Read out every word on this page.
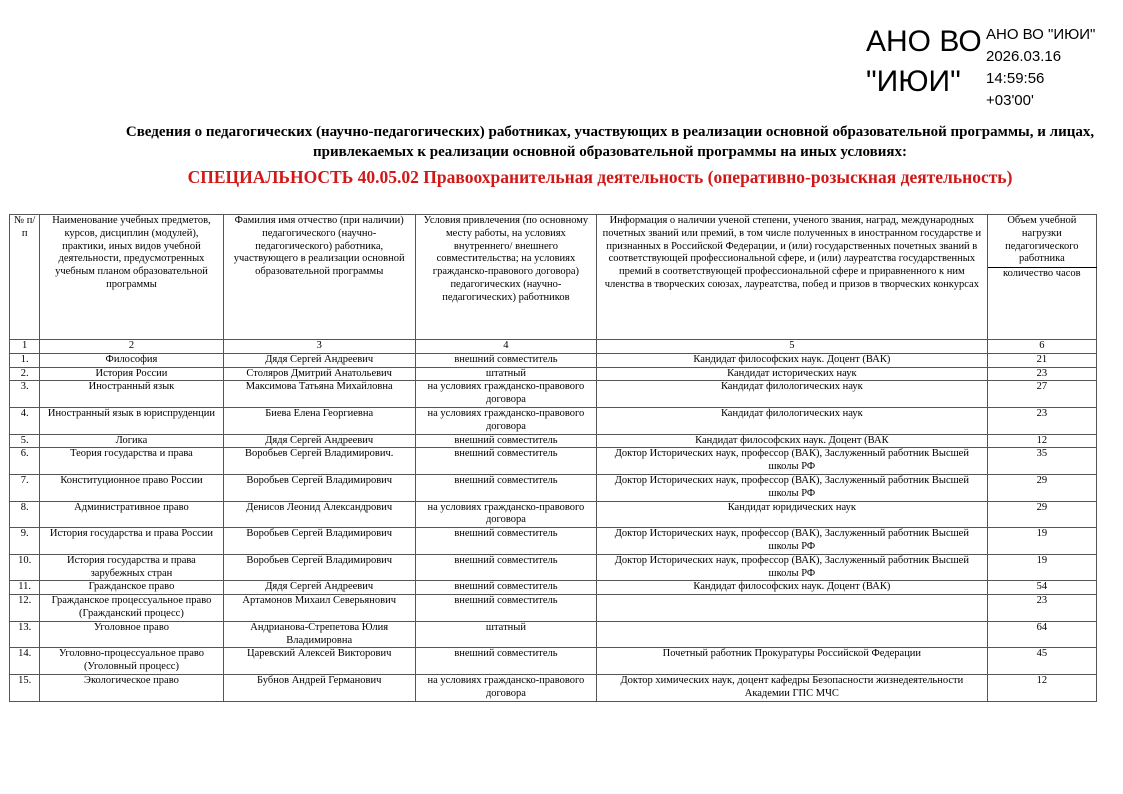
АНО ВО
"ИЮИ"
АНО ВО "ИЮИ"
2026.03.16
14:59:56
+03'00'
Сведения о педагогических (научно-педагогических) работниках, участвующих в реализации основной образовательной программы, и лицах, привлекаемых к реализации основной образовательной программы на иных условиях:
СПЕЦИАЛЬНОСТЬ 40.05.02 Правоохранительная деятельность (оперативно-розыскная деятельность)
№ п/п	Наименование учебных предметов, курсов, дисциплин (модулей), практики, иных видов учебной деятельности, предусмотренных учебным планом образовательной программы	Фамилия имя отчество (при наличии) педагогического (научно-педагогического) работника, участвующего в реализации основной образовательной программы	Условия привлечения (по основному месту работы, на условиях внутреннего/ внешнего совместительства; на условиях гражданско-правового договора) педагогических (научно-педагогических) работников	Информация о наличии ученой степени, ученого звания, наград, международных почетных званий или премий, в том числе полученных в иностранном государстве и признанных в Российской Федерации, и (или) государственных почетных званий в соответствующей профессиональной сфере, и (или) лауреатства государственных премий в соответствующей профессиональной сфере и приравненного к ним членства в творческих союзах, лауреатства, побед и призов в творческих конкурсах	Объем учебной нагрузки педагогического работника
					количество часов
1	2	3	4	5	6
1.	Философия	Дядя Сергей Андреевич	внешний совместитель	Кандидат философских наук. Доцент (ВАК)	21
2.	История России	Столяров Дмитрий Анатольевич	штатный	Кандидат исторических наук	23
3.	Иностранный язык	Максимова Татьяна Михайловна	на условиях гражданско-правового договора	Кандидат филологических наук	27
4.	Иностранный язык в юриспруденции	Биева Елена Георгиевна	на условиях гражданско-правового договора	Кандидат филологических наук	23
5.	Логика	Дядя Сергей Андреевич	внешний совместитель	Кандидат философских наук. Доцент (ВАК	12
6.	Теория государства и права	Воробьев Сергей Владимирович.	внешний совместитель	Доктор Исторических наук, профессор (ВАК), Заслуженный работник Высшей школы РФ	35
7.	Конституционное право России	Воробьев Сергей Владимирович	внешний совместитель	Доктор Исторических наук, профессор (ВАК), Заслуженный работник Высшей школы РФ	29
8.	Административное право	Денисов Леонид Александрович	на условиях гражданско-правового договора	Кандидат юридических наук	29
9.	История государства и права России	Воробьев Сергей Владимирович	внешний совместитель	Доктор Исторических наук, профессор (ВАК), Заслуженный работник Высшей школы РФ	19
10.	История государства и права зарубежных стран	Воробьев Сергей Владимирович	внешний совместитель	Доктор Исторических наук, профессор (ВАК), Заслуженный работник Высшей школы РФ	19
11.	Гражданское право	Дядя Сергей Андреевич	внешний совместитель	Кандидат философских наук. Доцент (ВАК)	54
12.	Гражданское процессуальное право (Гражданский процесс)	Артамонов Михаил Северьянович	внешний совместитель		23
13.	Уголовное право	Андрианова-Стрепетова Юлия Владимировна	штатный		64
14.	Уголовно-процессуальное право (Уголовный процесс)	Царевский Алексей Викторович	внешний совместитель	Почетный работник Прокуратуры Российской Федерации	45
15.	Экологическое право	Бубнов Андрей Германович	на условиях гражданско-правового договора	Доктор химических наук, доцент кафедры Безопасности жизнедеятельности Академии ГПС МЧС	12
